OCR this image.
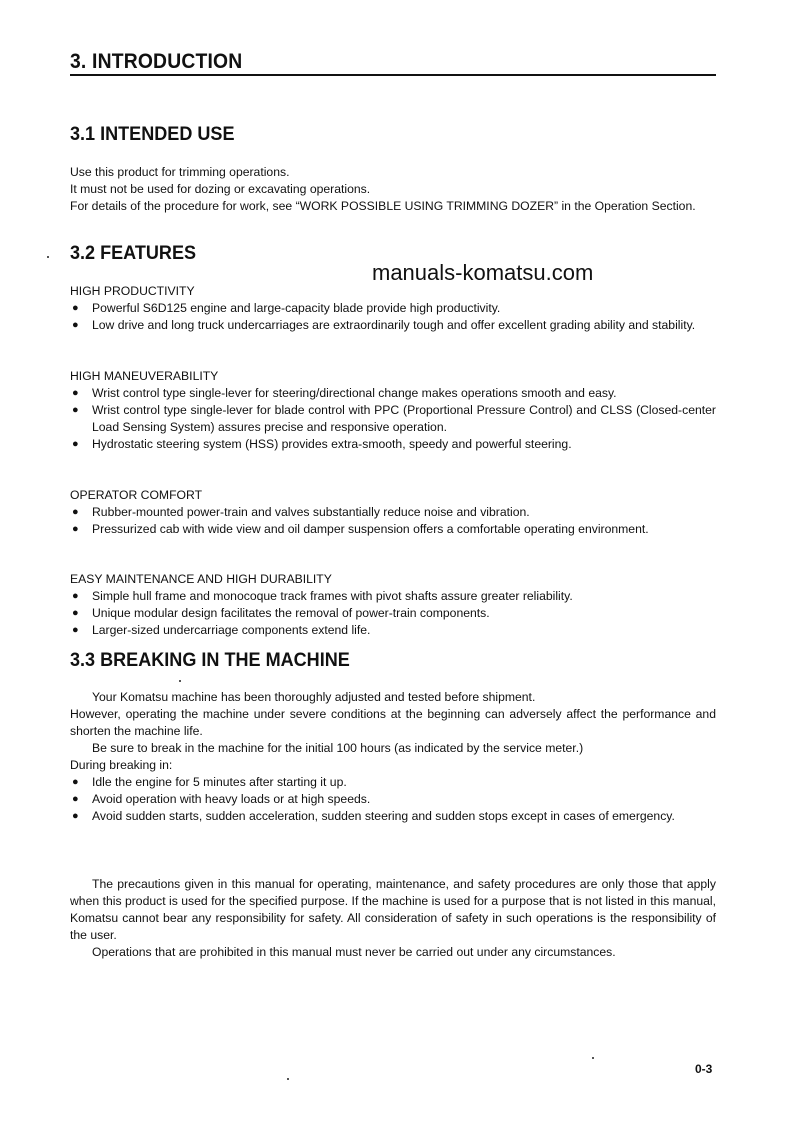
3. INTRODUCTION
3.1 INTENDED USE

Use this product for trimming operations.

It must not be used for dozing or excavating operations.

For details of the procedure for work, see “WORK POSSIBLE USING TRIMMING DOZER” in the Operation Section.

3.2 FEATURES
manuals-komatsu.com

HIGH PRODUCTIVITY

● Powerful S6D125 engine and large-capacity blade provide high productivity.
● Low drive and long truck undercarriages are extraordinarily tough and offer excellent grading ability and stability.

HIGH MANEUVERABILITY

● Wrist control type single-lever for steering/directional change makes operations smooth and easy.
● Wrist control type single-lever for blade control with PPC (Proportional Pressure Control) and CLSS (Closed-center Load Sensing System) assures precise and responsive operation.
● Hydrostatic steering system (HSS) provides extra-smooth, speedy and powerful steering.

OPERATOR COMFORT

● Rubber-mounted power-train and valves substantially reduce noise and vibration.
● Pressurized cab with wide view and oil damper suspension offers a comfortable operating environment.

EASY MAINTENANCE AND HIGH DURABILITY

● Simple hull frame and monocoque track frames with pivot shafts assure greater reliability.
● Unique modular design facilitates the removal of power-train components.
● Larger-sized undercarriage components extend life.
3.3 BREAKING IN THE MACHINE

Your Komatsu machine has been thoroughly adjusted and tested before shipment.

However, operating the machine under severe conditions at the beginning can adversely affect the performance and shorten the machine life.

Be sure to break in the machine for the initial 100 hours (as indicated by the service meter.)

During breaking in:

● Idle the engine for 5 minutes after starting it up.
● Avoid operation with heavy loads or at high speeds.
● Avoid sudden starts, sudden acceleration, sudden steering and sudden stops except in cases of emergency.

The precautions given in this manual for operating, maintenance, and safety procedures are only those that apply when this product is used for the specified purpose. If the machine is used for a purpose that is not listed in this manual, Komatsu cannot bear any responsibility for safety. All consideration of safety in such operations is the responsibility of the user.

Operations that are prohibited in this manual must never be carried out under any circumstances.

0-3
